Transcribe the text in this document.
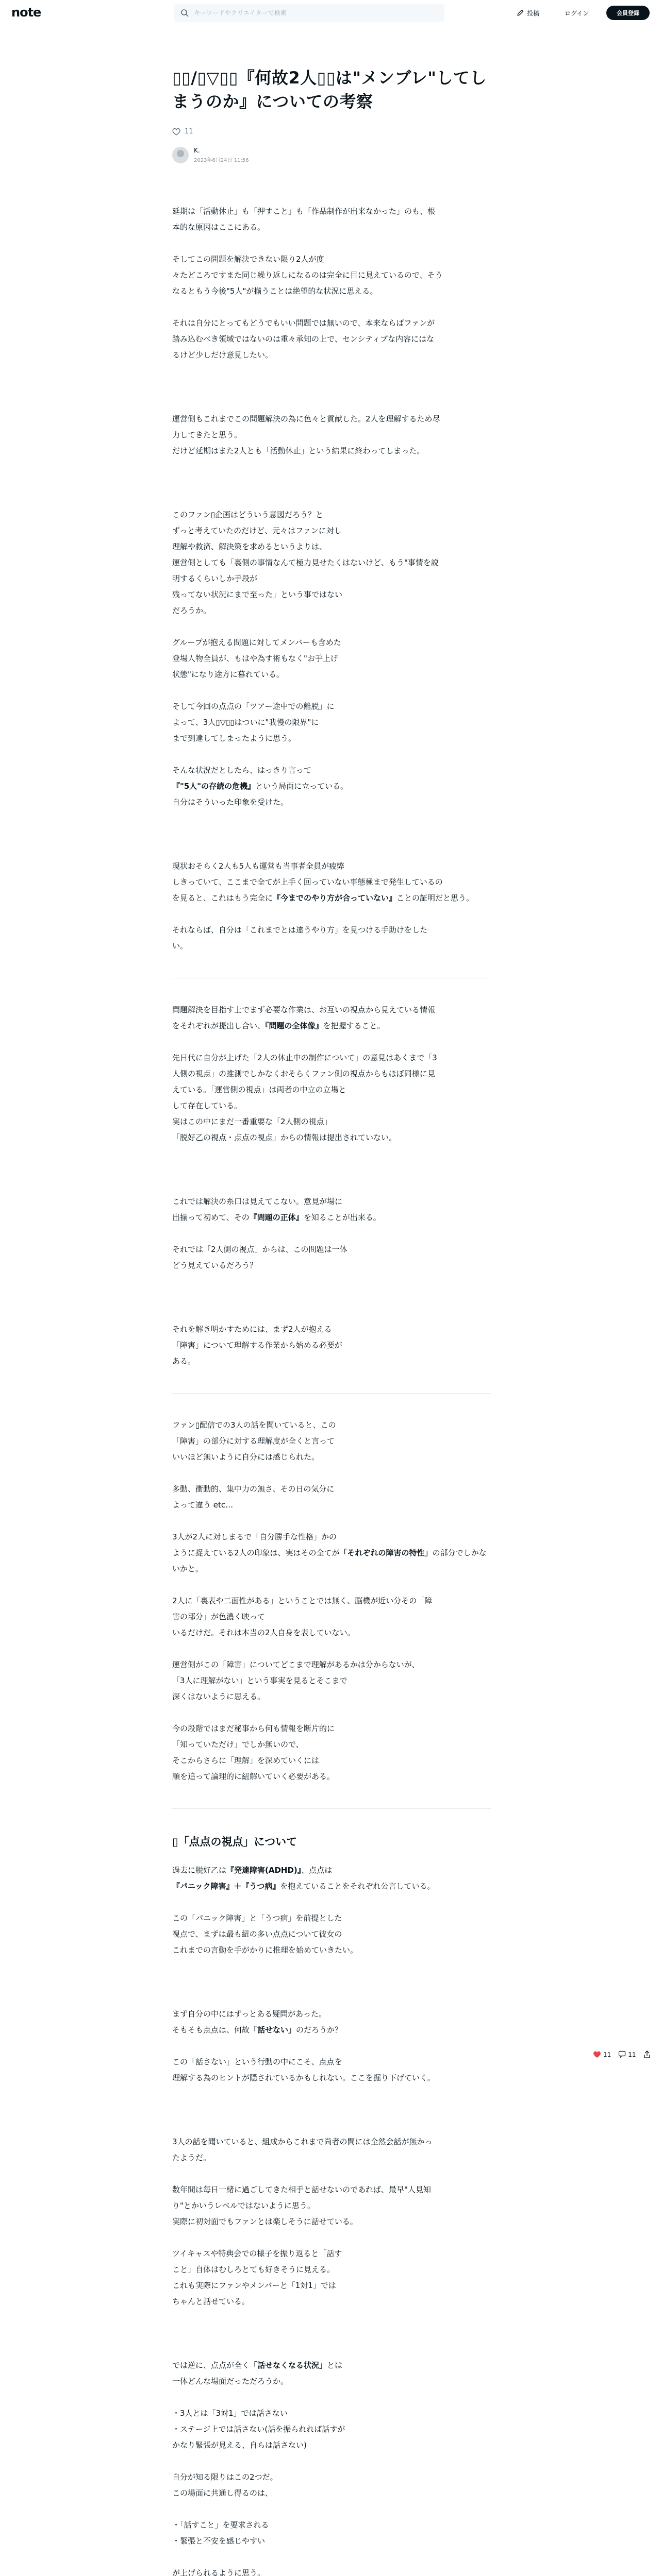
note
キーワードやクリエイターで検索	投稿	ログイン	会員登録
▯▯/▯▽▯▯『何故2人▯▯は"メンブレ"してしまうのか』についての考察
11
K.
2023年6月24日 11:56

延期は「活動休止」も「押すこと」も「作品制作が出来なかった」のも、根
本的な原因はここにある。

そしてこの問題を解決できない限り2人が度
々たどころですまた同じ繰り返しになるのは完全に目に見えているので、そう
なるともう今後"5人"が揃うことは絶望的な状況に思える。

それは自分にとってもどうでもいい問題では無いので、本来ならばファンが
踏み込むべき領域ではないのは重々承知の上で、センシティブな内容にはな
るけど少しだけ意見したい。

運営側もこれまでこの問題解決の為に色々と貢献した。2人を理解するため尽
力してきたと思う。
だけど延期はまた2人とも「活動休止」という結果に終わってしまった。

このファン▯企画はどういう意図だろう？と
ずっと考えていたのだけど、元々はファンに対し
理解や救済、解決策を求めるというよりは、
運営側としても「裏側の事情なんて極力見せたくはないけど、もう"事情を説
明するくらいしか手段が
残ってない状況にまで至った」という事ではない
だろうか。

グループが抱える問題に対してメンバーも含めた
登場人物全員が、もはや為す術もなく"お手上げ
状態"になり途方に暮れている。

そして今回の点点の「ツアー途中での離脱」に
よって、3人▯▽▯▯はついに"我慢の限界"に
まで到達してしまったように思う。

そんな状況だとしたら、はっきり言って
『"5人"の存続の危機』という局面に立っている。
自分はそういった印象を受けた。

現状おそらく2人も5人も運営も当事者全員が疲弊
しきっていて、ここまで全てが上手く回っていない事態極まで発生しているの
を見ると、これはもう完全に『今までのやり方が合っていない』ことの証明だと思う。

それならば、自分は「これまでとは違うやり方」を見つける手助けをした
い。

問題解決を目指す上でまず必要な作業は、お互いの視点から見えている情報
をそれぞれが提出し合い、『問題の全体像』を把握すること。

先日代に自分が上げた「2人の休止中の制作について」の意見はあくまで「3
人側の視点」の推測でしかなくおそらくファン側の視点からもほぼ同様に見
えている。「運営側の視点」は両者の中立の立場と
して存在している。
実はこの中にまだ一番重要な「2人側の視点」
「脱好乙の視点・点点の視点」からの情報は提出されていない。

これでは解決の糸口は見えてこない。意見が場に
出揃って初めて、その『問題の正体』を知ることが出来る。

それでは「2人側の視点」からは、この問題は一体
どう見えているだろう？

それを解き明かすためには、まず2人が抱える
「障害」について理解する作業から始める必要が
ある。

ファン▯配信での3人の話を聞いていると、この
「障害」の部分に対する理解度が全くと言って
いいほど無いように自分には感じられた。

多動、衝動的、集中力の無さ、その日の気分に
よって違う etc…

3人が2人に対しまるで「自分勝手な性格」かの
ように捉えている2人の印象は、実はその全てが「それぞれの障害の特性」の部分でしかないかと。

2人に「裏表や二面性がある」ということでは無く、脳機が近い分その「障
害の部分」が色濃く映って
いるだけだ。それは本当の2人自身を表していない。

運営側がこの「障害」についてどこまで理解があるかは分からないが、
「3人に理解がない」という事実を見るとそこまで
深くはないように思える。

今の段階ではまだ秘事から何も情報を断片的に
「知っていただけ」でしか無いので、
そこからさらに「理解」を深めていくには
順を追って論理的に紐解いていく必要がある。

▯「点点の視点」について

過去に脱好乙は『発達障害(ADHD)』、点点は

『パニック障害』＋『うつ病』を抱えていることをそれぞれ公言している。

この「パニック障害」と「うつ病」を前提とした
視点で、まずは最も紐の多い点点について彼女の
これまでの言動を手がかりに推理を始めていきたい。

まず自分の中にはずっとある疑問があった。
そもそも点点は、何故「話せない」のだろうか？

この「話さない」という行動の中にこそ、点点を
理解する為のヒントが隠されているかもしれない。ここを掘り下げていく。

3人の話を聞いていると、組成からこれまで尚者の間には全然会話が無かっ
たようだ。

数年間は毎日一緒に過ごしてきた相手と話せないのであれば、最早"人見知
り"とかいうレベルではないように思う。
実際に初対面でもファンとは楽しそうに話せている。

ツイキャスや特典会での様子を振り返ると「話す
こと」自体はむしろとても好きそうに見える。
これも実際にファンやメンバーと「1対1」では
ちゃんと話せている。

では逆に、点点が全く「話せなくなる状況」とは

一体どんな場面だっただろうか。

・3人とは「3対1」では話さない
・ステージ上では話さない(話を振られれば話すが
かなり緊張が見える、自らは話さない)

自分が知る限りはこの2つだ。
この場面に共通し得るのは、

・「話すこと」を要求される
・緊張と不安を感じやすい

が上げられるように思う。

11	11
